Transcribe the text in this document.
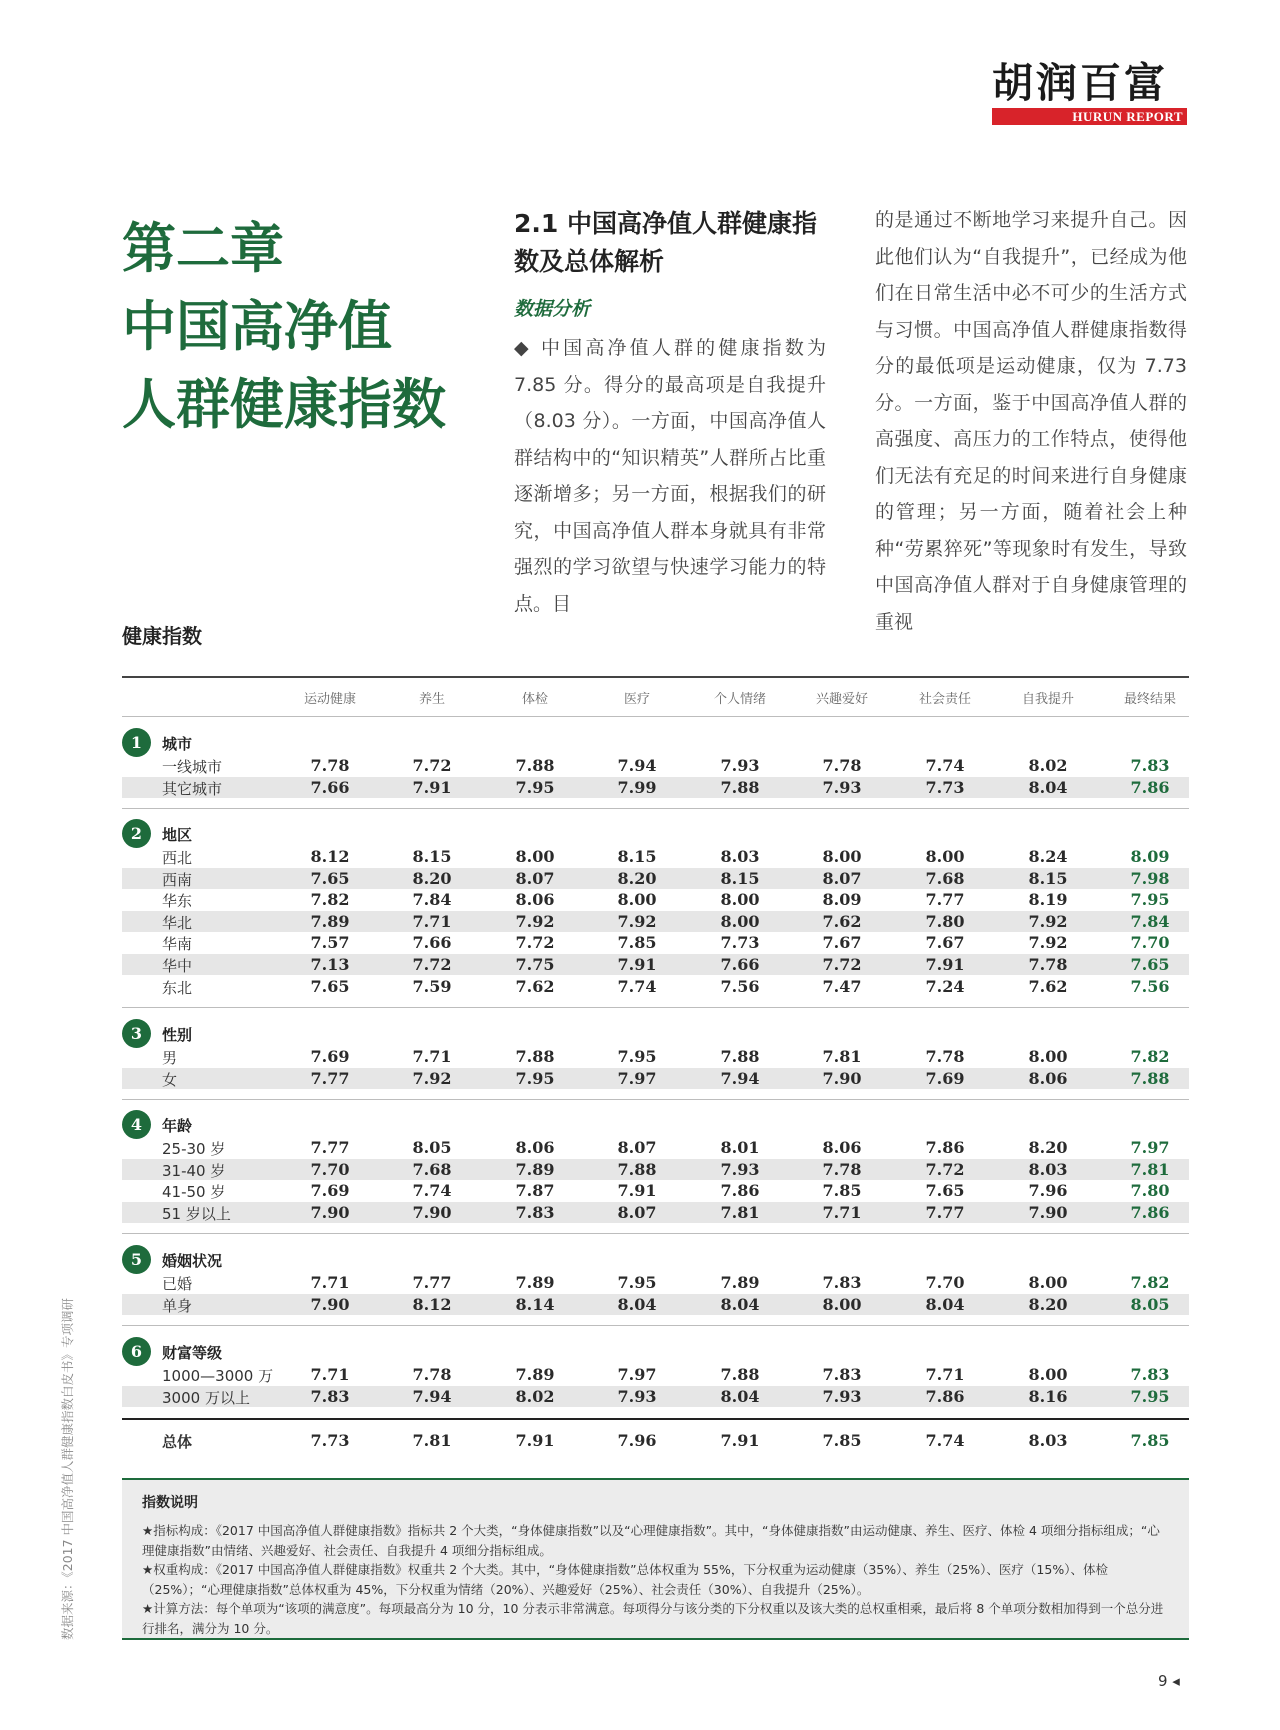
胡润百富
HURUN REPORT
第二章
中国高净值
人群健康指数
2.1 中国高净值人群健康指数及总体解析
数据分析
◆ 中国高净值人群的健康指数为 7.85 分。得分的最高项是自我提升（8.03 分）。一方面，中国高净值人群结构中的“知识精英”人群所占比重逐渐增多；另一方面，根据我们的研究，中国高净值人群本身就具有非常强烈的学习欲望与快速学习能力的特点。目
的是通过不断地学习来提升自己。因此他们认为“自我提升”，已经成为他们在日常生活中必不可少的生活方式与习惯。中国高净值人群健康指数得分的最低项是运动健康，仅为 7.73 分。一方面，鉴于中国高净值人群的高强度、高压力的工作特点，使得他们无法有充足的时间来进行自身健康的管理；另一方面，随着社会上种种“劳累猝死”等现象时有发生，导致中国高净值人群对于自身健康管理的重视
健康指数
运动健康	养生	体检	医疗	个人情绪	兴趣爱好	社会责任	自我提升	最终结果
1	城市
一线城市	7.78	7.72	7.88	7.94	7.93	7.78	7.74	8.02	7.83
其它城市	7.66	7.91	7.95	7.99	7.88	7.93	7.73	8.04	7.86
2	地区
西北	8.12	8.15	8.00	8.15	8.03	8.00	8.00	8.24	8.09
西南	7.65	8.20	8.07	8.20	8.15	8.07	7.68	8.15	7.98
华东	7.82	7.84	8.06	8.00	8.00	8.09	7.77	8.19	7.95
华北	7.89	7.71	7.92	7.92	8.00	7.62	7.80	7.92	7.84
华南	7.57	7.66	7.72	7.85	7.73	7.67	7.67	7.92	7.70
华中	7.13	7.72	7.75	7.91	7.66	7.72	7.91	7.78	7.65
东北	7.65	7.59	7.62	7.74	7.56	7.47	7.24	7.62	7.56
3	性别
男	7.69	7.71	7.88	7.95	7.88	7.81	7.78	8.00	7.82
女	7.77	7.92	7.95	7.97	7.94	7.90	7.69	8.06	7.88
4	年龄
25-30 岁	7.77	8.05	8.06	8.07	8.01	8.06	7.86	8.20	7.97
31-40 岁	7.70	7.68	7.89	7.88	7.93	7.78	7.72	8.03	7.81
41-50 岁	7.69	7.74	7.87	7.91	7.86	7.85	7.65	7.96	7.80
51 岁以上	7.90	7.90	7.83	8.07	7.81	7.71	7.77	7.90	7.86
5	婚姻状况
已婚	7.71	7.77	7.89	7.95	7.89	7.83	7.70	8.00	7.82
单身	7.90	8.12	8.14	8.04	8.04	8.00	8.04	8.20	8.05
6	财富等级
1000—3000 万	7.71	7.78	7.89	7.97	7.88	7.83	7.71	8.00	7.83
3000 万以上	7.83	7.94	8.02	7.93	8.04	7.93	7.86	8.16	7.95
总体	7.73	7.81	7.91	7.96	7.91	7.85	7.74	8.03	7.85
指数说明
★指标构成：《2017 中国高净值人群健康指数》指标共 2 个大类，“身体健康指数”以及“心理健康指数”。其中，“身体健康指数”由运动健康、养生、医疗、体检 4 项细分指标组成；“心理健康指数”由情绪、兴趣爱好、社会责任、自我提升 4 项细分指标组成。
★权重构成：《2017 中国高净值人群健康指数》权重共 2 个大类。其中，“身体健康指数”总体权重为 55%，下分权重为运动健康（35%）、养生（25%）、医疗（15%）、体检（25%）；“心理健康指数”总体权重为 45%，下分权重为情绪（20%）、兴趣爱好（25%）、社会责任（30%）、自我提升（25%）。
★计算方法：每个单项为“该项的满意度”。每项最高分为 10 分，10 分表示非常满意。每项得分与该分类的下分权重以及该大类的总权重相乘，最后将 8 个单项分数相加得到一个总分进行排名，满分为 10 分。
数据来源：《2017 中国高净值人群健康指数白皮书》专项调研
9 ◂
